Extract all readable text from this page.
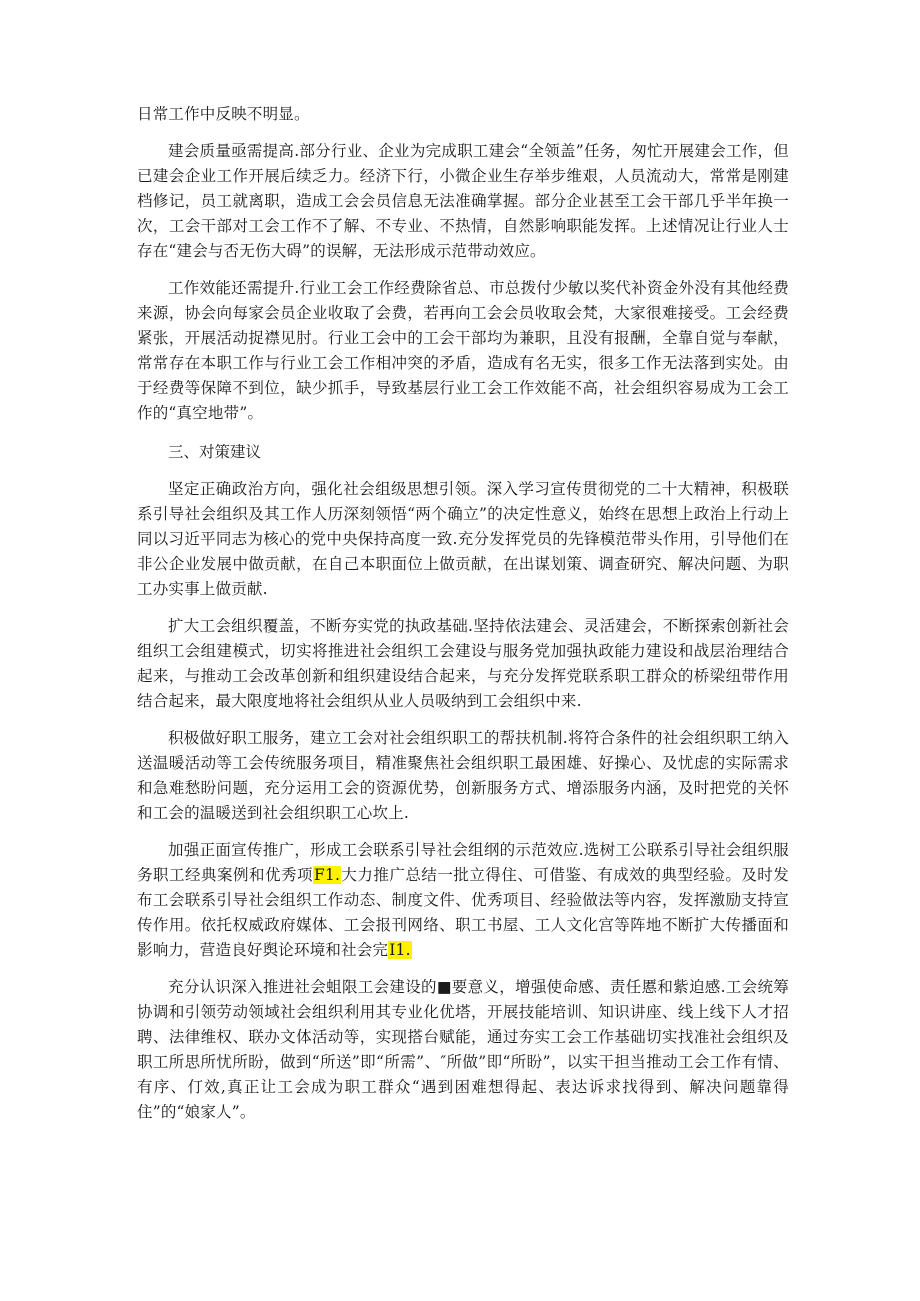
日常工作中反映不明显。

建会质量亟需提高.部分行业、企业为完成职工建会“全领盖”任务，匆忙开展建会工作，但已建会企业工作开展后续乏力。经济下行，小微企业生存举步维艰，人员流动大，常常是刚建档修记，员工就离职，造成工会会员信息无法准确掌握。部分企业甚至工会干部几乎半年换一次，工会干部对工会工作不了解、不专业、不热情，自然影响职能发挥。上述情况让行业人士存在“建会与否无伤大碍”的误解，无法形成示范带动效应。

工作效能还需提升.行业工会工作经费除省总、市总拨付少敏以奖代补资金外没有其他经费来源，协会向每家会员企业收取了会费，若再向工会会员收取会梵，大家很难接受。工会经费紧张，开展活动捉襟见肘。行业工会中的工会干部均为兼职，且没有报酬，全靠自觉与奉献，常常存在本职工作与行业工会工作相冲突的矛盾，造成有名无实，很多工作无法落到实处。由于经费等保障不到位，缺少抓手，导致基层行业工会工作效能不高，社会组织容易成为工会工作的“真空地带”。

三、对策建议

坚定正确政治方向，强化社会组级思想引领。深入学习宣传贯彻党的二十大精神，积极联系引导社会组织及其工作人历深刻领悟“两个确立”的决定性意义，始终在思想上政治上行动上同以习近平同志为核心的党中央保持高度一致.充分发挥党员的先锋模范带头作用，引导他们在非公企业发展中做贡献，在自己本职面位上做贡献，在出谋划策、调查研究、解决问题、为职工办实事上做贡献.

扩大工会组织覆盖，不断夯实党的执政基础.坚持依法建会、灵活建会，不断探索创新社会组织工会组建模式，切实将推进社会组织工会建设与服务党加强执政能力建设和战层治理结合起来，与推动工会改革创新和组织建设结合起来，与充分发挥党联系职工群众的桥梁纽带作用结合起来，最大限度地将社会组织从业人员吸纳到工会组织中来.

积极做好职工服务，建立工会对社会组织职工的帮扶机制.将符合条件的社会组织职工纳入送温暖活动等工会传统服务项目，精准聚焦社会组织职工最困雄、好操心、及忧虑的实际需求和急难愁盼问题，充分运用工会的资源优势，创新服务方式、增添服务内涵，及时把党的关怀和工会的温暖送到社会组织职工心坎上.

加强正面宣传推广，形成工会联系引导社会组纲的示范效应.选树工公联系引导社会组织服务职工经典案例和优秀项F1.大力推广总结一批立得住、可借鉴、有成效的典型经验。及时发布工会联系引导社会组织工作动态、制度文件、优秀项目、经验做法等内容，发挥激励支持宣传作用。依托权威政府媒体、工会报刊网络、职工书屋、工人文化宫等阵地不断扩大传播面和影响力，营造良好舆论环境和社会完I1.

充分认识深入推进社会蛆限工会建设的■要意义，增强使命感、责任慝和紫迫感.工会统筹协调和引领劳动领域社会组织利用其专业化优塔，开展技能培训、知识讲座、线上线下人才招聘、法律维权、联办文体活动等，实现搭台赋能，通过夯实工会工作基础切实找准社会组织及职工所思所忧所盼，做到“所送”即“所需”、″所做”即“所盼”，以实干担当推动工会工作有情、有序、仃效,真正让工会成为职工群众“遇到困难想得起、表达诉求找得到、解决问题靠得住”的“娘家人”。
